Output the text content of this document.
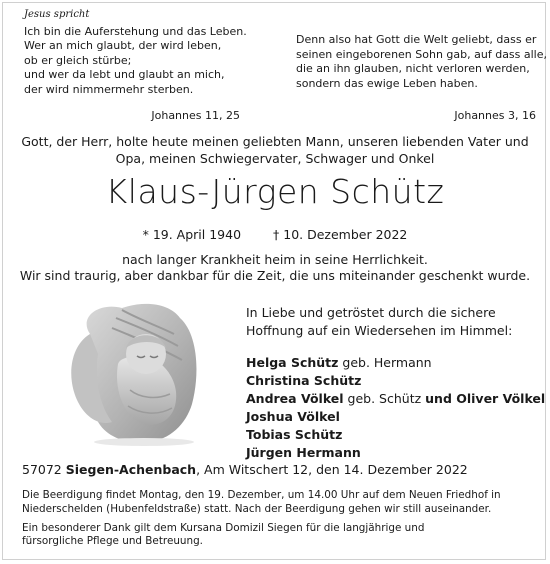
Jesus spricht
Ich bin die Auferstehung und das Leben.
Wer an mich glaubt, der wird leben,
ob er gleich stürbe;
und wer da lebt und glaubt an mich,
der wird nimmermehr sterben.
Johannes 11, 25
Denn also hat Gott die Welt geliebt, dass er
seinen eingeborenen Sohn gab, auf dass alle,
die an ihn glauben, nicht verloren werden,
sondern das ewige Leben haben.
Johannes 3, 16
Gott, der Herr, holte heute meinen geliebten Mann, unseren liebenden Vater und
Opa, meinen Schwiegervater, Schwager und Onkel
Klaus-Jürgen Schütz
* 19. April 1940	† 10. Dezember 2022
nach langer Krankheit heim in seine Herrlichkeit.
Wir sind traurig, aber dankbar für die Zeit, die uns miteinander geschenkt wurde.
In Liebe und getröstet durch die sichere
Hoffnung auf ein Wiedersehen im Himmel:
Helga Schütz geb. Hermann
Christina Schütz
Andrea Völkel geb. Schütz und Oliver Völkel
Joshua Völkel
Tobias Schütz
Jürgen Hermann
57072 Siegen-Achenbach, Am Witschert 12, den 14. Dezember 2022

Die Beerdigung findet Montag, den 19. Dezember, um 14.00 Uhr auf dem Neuen Friedhof in

Niederschelden (Hubenfeldstraße) statt. Nach der Beerdigung gehen wir still auseinander.

Ein besonderer Dank gilt dem Kursana Domizil Siegen für die langjährige und

fürsorgliche Pflege und Betreuung.
